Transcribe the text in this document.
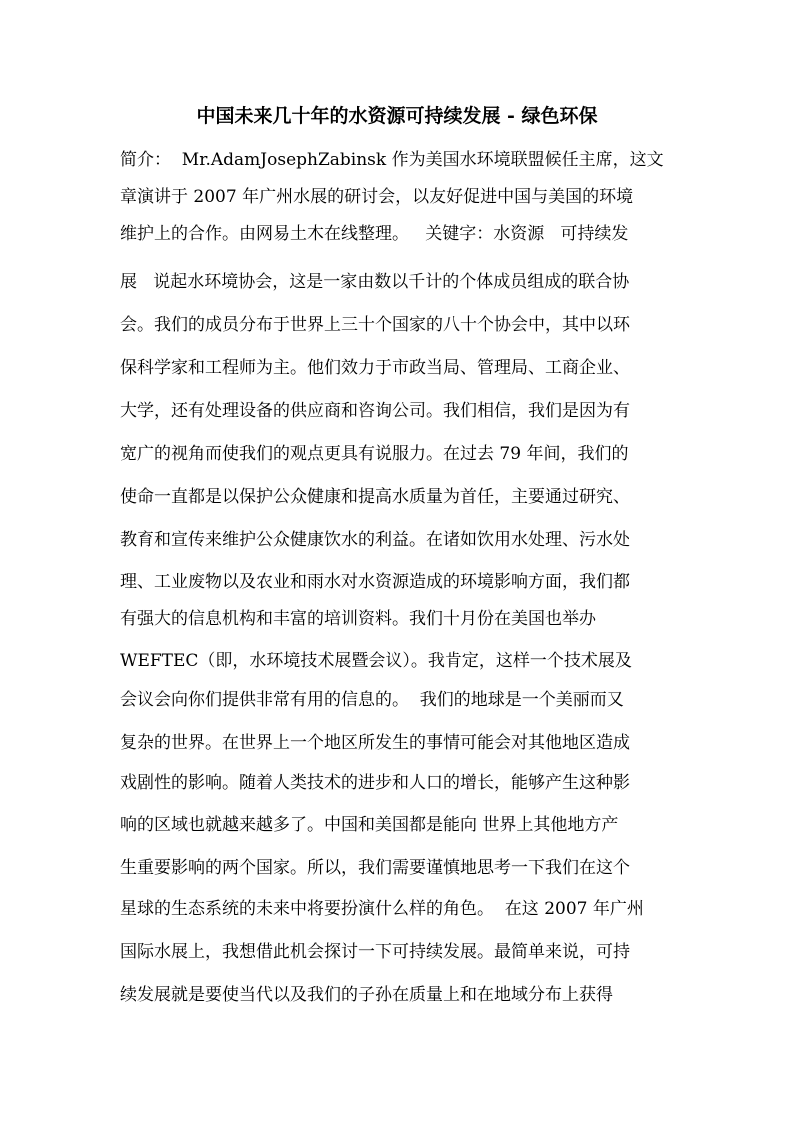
中国未来几十年的水资源可持续发展 - 绿色环保
简介：  Mr.AdamJosephZabinsk 作为美国水环境联盟候任主席，这文
章演讲于 2007 年广州水展的研讨会，以友好促进中国与美国的环境
维护上的合作。由网易土木在线整理。   关键字：水资源   可持续发
展   说起水环境协会，这是一家由数以千计的个体成员组成的联合协
会。我们的成员分布于世界上三十个国家的八十个协会中，其中以环
保科学家和工程师为主。他们效力于市政当局、管理局、工商企业、
大学，还有处理设备的供应商和咨询公司。我们相信，我们是因为有
宽广的视角而使我们的观点更具有说服力。在过去 79 年间，我们的
使命一直都是以保护公众健康和提高水质量为首任，主要通过研究、
教育和宣传来维护公众健康饮水的利益。在诸如饮用水处理、污水处
理、工业废物以及农业和雨水对水资源造成的环境影响方面，我们都
有强大的信息机构和丰富的培训资料。我们十月份在美国也举办
WEFTEC（即，水环境技术展暨会议）。我肯定，这样一个技术展及
会议会向你们提供非常有用的信息的。  我们的地球是一个美丽而又
复杂的世界。在世界上一个地区所发生的事情可能会对其他地区造成
戏剧性的影响。随着人类技术的进步和人口的增长，能够产生这种影
响的区域也就越来越多了。中国和美国都是能向 世界上其他地方产
生重要影响的两个国家。所以，我们需要谨慎地思考一下我们在这个
星球的生态系统的未来中将要扮演什么样的角色。  在这 2007 年广州
国际水展上，我想借此机会探讨一下可持续发展。最简单来说，可持
续发展就是要使当代以及我们的子孙在质量上和在地域分布上获得
